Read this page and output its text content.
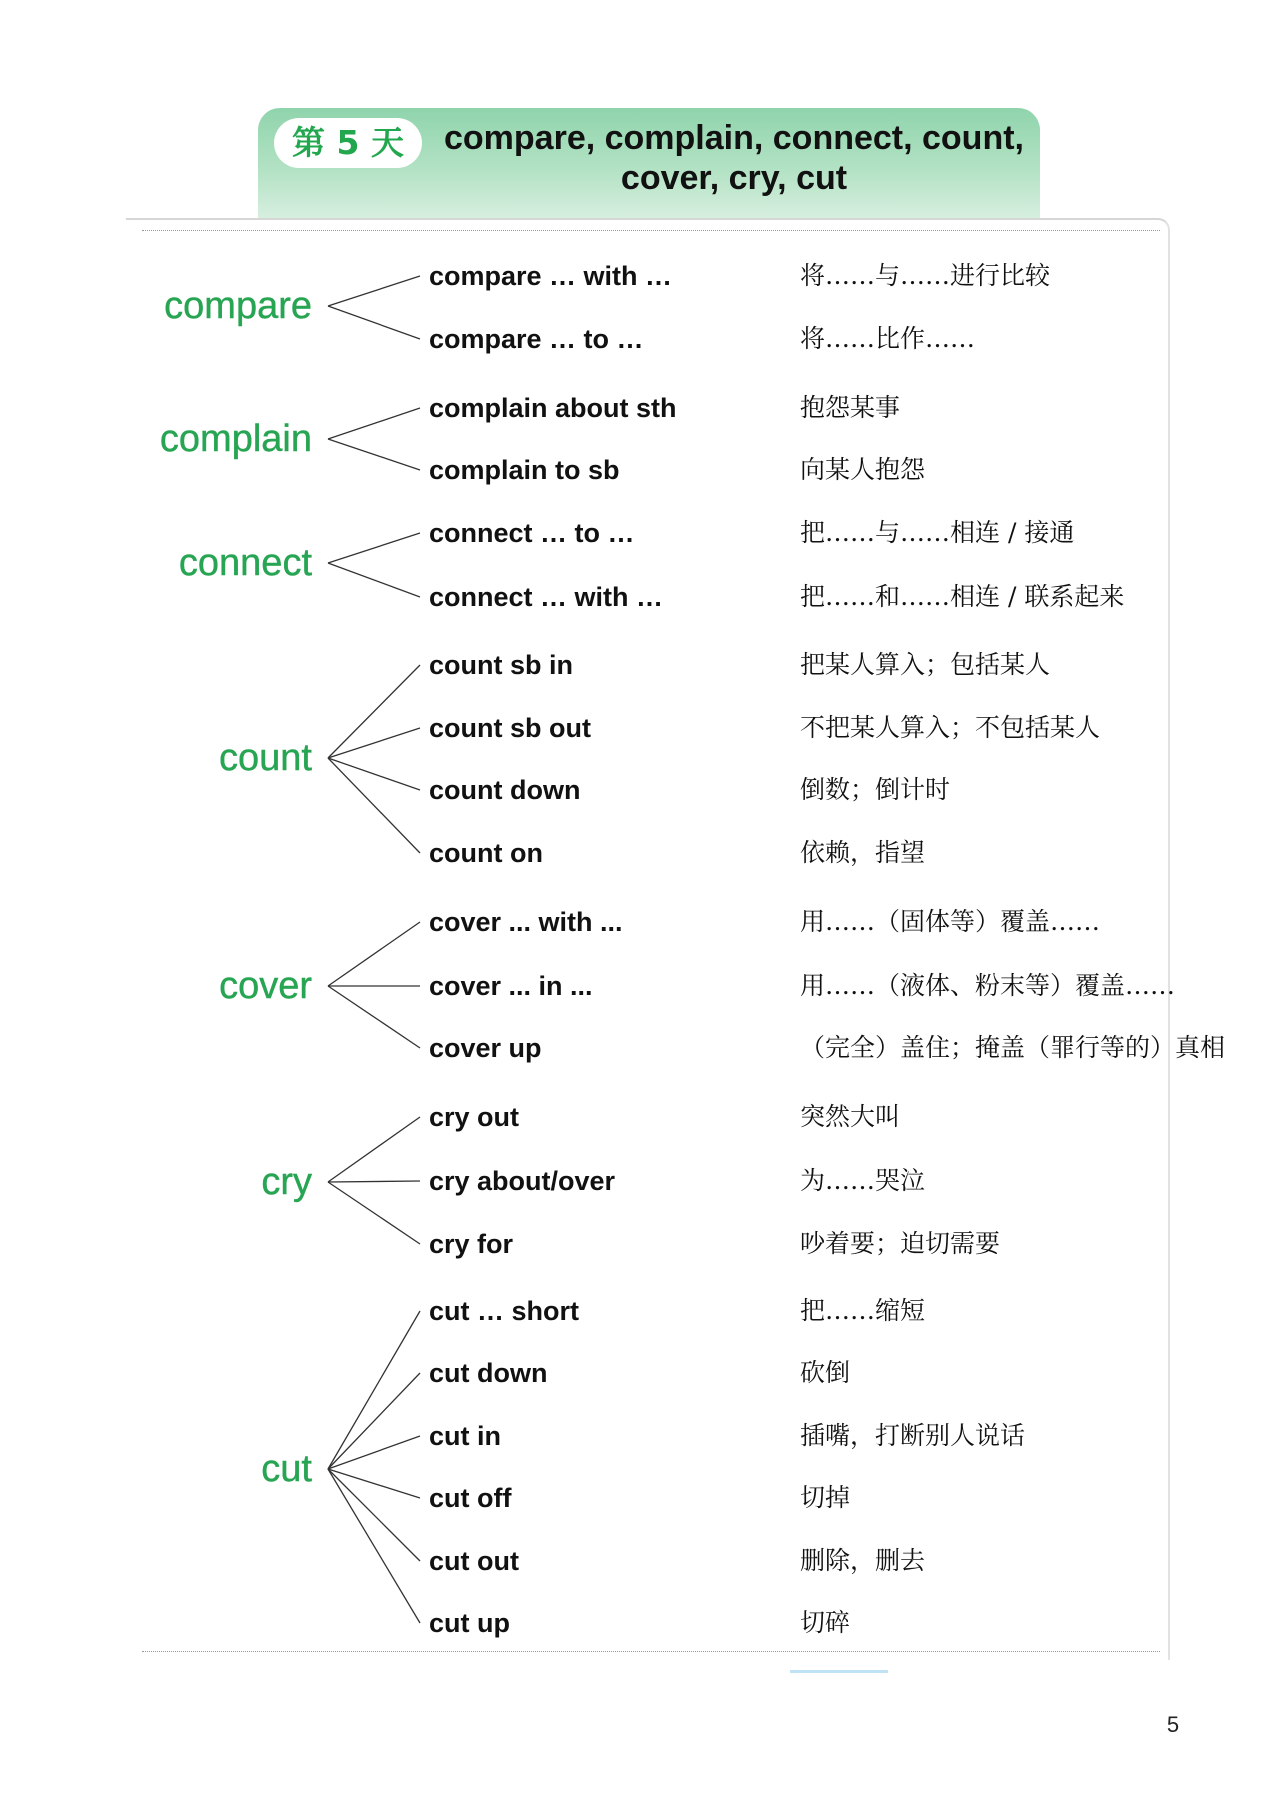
第 5 天	compare, complain, connect, count, cover, cry, cut
compare
compare … with …	将……与……进行比较
compare … to …	将……比作……
complain
complain about sth	抱怨某事
complain to sb	向某人抱怨
connect
connect … to …	把……与……相连 / 接通
connect … with …	把……和……相连 / 联系起来
count
count sb in	把某人算入；包括某人
count sb out	不把某人算入；不包括某人
count down	倒数；倒计时
count on	依赖，指望
cover
cover ... with ...	用……（固体等）覆盖……
cover ... in ...	用……（液体、粉末等）覆盖……
cover up	（完全）盖住；掩盖（罪行等的）真相
cry
cry out	突然大叫
cry about/over	为……哭泣
cry for	吵着要；迫切需要
cut
cut … short	把……缩短
cut down	砍倒
cut in	插嘴，打断别人说话
cut off	切掉
cut out	删除，删去
cut up	切碎
5
